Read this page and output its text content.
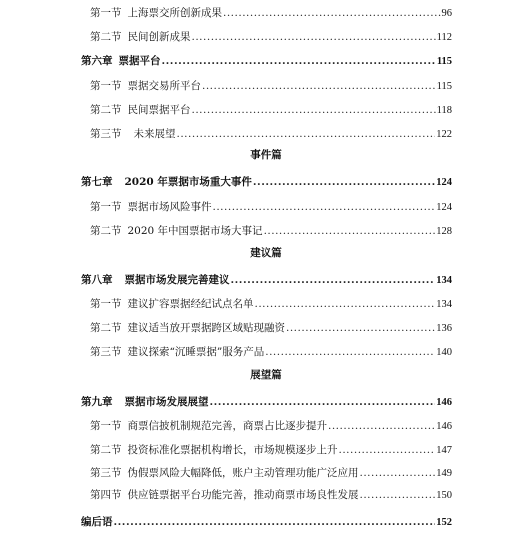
第一节 上海票交所创新成果 .....	96
第二节 民间创新成果 .....	112
第六章 票据平台 .....	115
第一节 票据交易所平台 .....	115
第二节 民间票据平台 .....	118
第三节 未来展望 .....	122
事件篇
第七章 2020 年票据市场重大事件 .....	124
第一节 票据市场风险事件 .....	124
第二节 2020 年中国票据市场大事记 .....	128
建议篇
第八章 票据市场发展完善建议 .....	134
第一节 建议扩容票据经纪试点名单 .....	134
第二节 建议适当放开票据跨区域贴现融资 .....	136
第三节 建议探索“沉睡票据”服务产品 .....	140
展望篇
第九章 票据市场发展展望 .....	146
第一节 商票信披机制规范完善，商票占比逐步提升 .....	146
第二节 投资标准化票据机构增长，市场规模逐步上升 .....	147
第三节 伪假票风险大幅降低，账户主动管理功能广泛应用 .....	149
第四节 供应链票据平台功能完善，推动商票市场良性发展 .....	150
编后语 .....	152
